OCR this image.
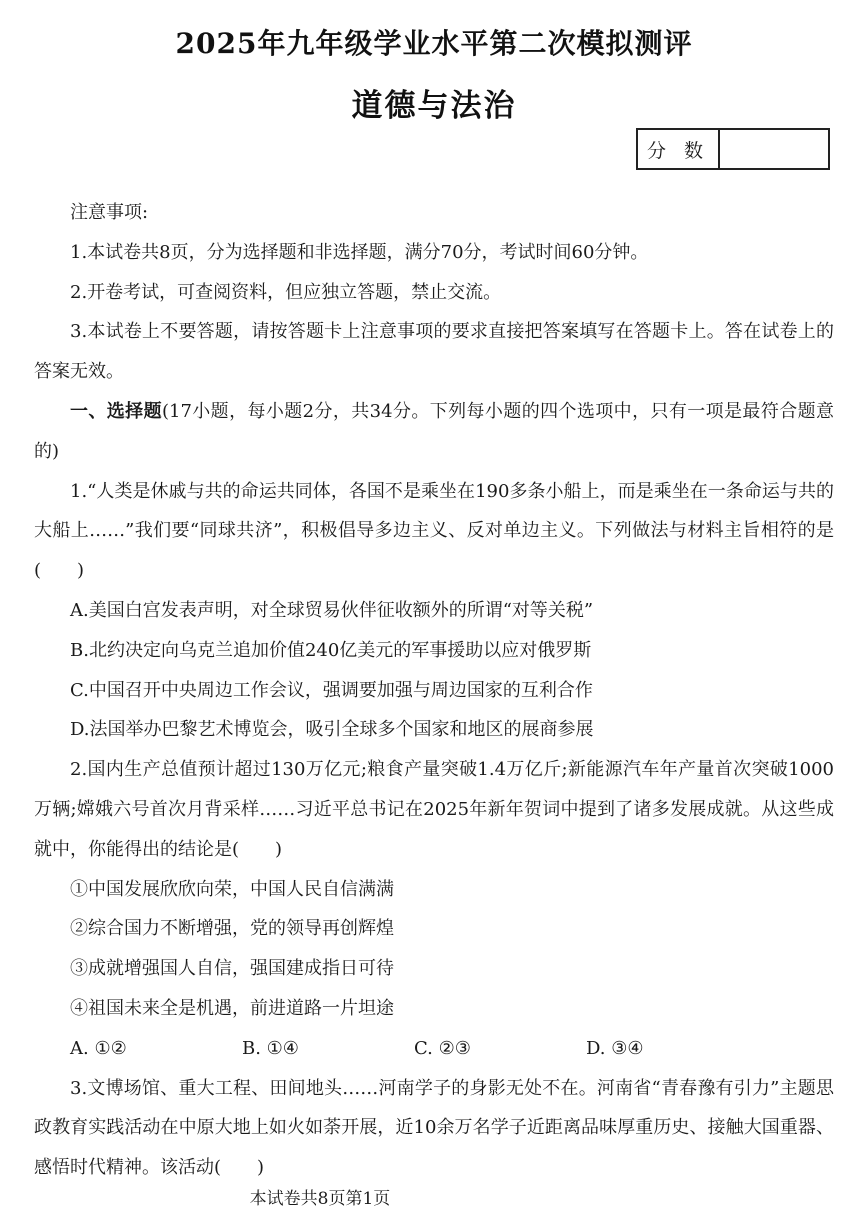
2025年九年级学业水平第二次模拟测评
道德与法治
分 数
注意事项:
1.本试卷共8页，分为选择题和非选择题，满分70分，考试时间60分钟。
2.开卷考试，可查阅资料，但应独立答题，禁止交流。
3.本试卷上不要答题，请按答题卡上注意事项的要求直接把答案填写在答题卡上。答在试卷上的答案无效。
一、选择题(17小题，每小题2分，共34分。下列每小题的四个选项中，只有一项是最符合题意的)
1.“人类是休戚与共的命运共同体，各国不是乘坐在190多条小船上，而是乘坐在一条命运与共的大船上……”我们要“同球共济”，积极倡导多边主义、反对单边主义。下列做法与材料主旨相符的是(　　)
A.美国白宫发表声明，对全球贸易伙伴征收额外的所谓“对等关税”
B.北约决定向乌克兰追加价值240亿美元的军事援助以应对俄罗斯
C.中国召开中央周边工作会议，强调要加强与周边国家的互利合作
D.法国举办巴黎艺术博览会，吸引全球多个国家和地区的展商参展
2.国内生产总值预计超过130万亿元;粮食产量突破1.4万亿斤;新能源汽车年产量首次突破1000万辆;嫦娥六号首次月背采样……习近平总书记在2025年新年贺词中提到了诸多发展成就。从这些成就中，你能得出的结论是(　　)
①中国发展欣欣向荣，中国人民自信满满
②综合国力不断增强，党的领导再创辉煌
③成就增强国人自信，强国建成指日可待
④祖国未来全是机遇，前进道路一片坦途
A. ①②	B. ①④	C. ②③	D. ③④
3.文博场馆、重大工程、田间地头……河南学子的身影无处不在。河南省“青春豫有引力”主题思政教育实践活动在中原大地上如火如荼开展，近10余万名学子近距离品味厚重历史、接触大国重器、感悟时代精神。该活动(　　)
本试卷共8页第1页
